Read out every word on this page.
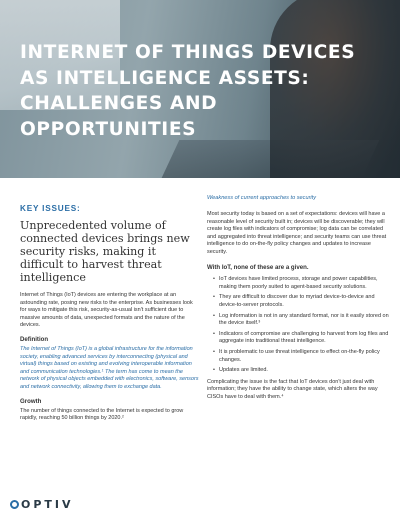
INTERNET OF THINGS DEVICES AS INTELLIGENCE ASSETS: CHALLENGES AND OPPORTUNITIES
KEY ISSUES:
Unprecedented volume of connected devices brings new security risks, making it difficult to harvest threat intelligence

Internet of Things (IoT) devices are entering the workplace at an astounding rate, posing new risks to the enterprise. As businesses look for ways to mitigate this risk, security-as-usual isn't sufficient due to massive amounts of data, unexpected formats and the nature of the devices.

Definition

The Internet of Things (IoT) is a global infrastructure for the information society, enabling advanced services by interconnecting (physical and virtual) things based on existing and evolving interoperable information and communication technologies.¹ The term has come to mean the network of physical objects embedded with electronics, software, sensors and network connectivity, allowing them to exchange data.

Growth

The number of things connected to the Internet is expected to grow rapidly, reaching 50 billion things by 2020.²

Weakness of current approaches to security

Most security today is based on a set of expectations: devices will have a reasonable level of security built in; devices will be discoverable; they will create log files with indicators of compromise; log data can be correlated and aggregated into threat intelligence; and security teams can use threat intelligence to do on-the-fly policy changes and updates to increase security.

With IoT, none of these are a given.
• IoT devices have limited process, storage and power capabilities, making them poorly suited to agent-based security solutions.
• They are difficult to discover due to myriad device-to-device and device-to-server protocols.
• Log information is not in any standard format, nor is it easily stored on the device itself.³
• Indicators of compromise are challenging to harvest from log files and aggregate into traditional threat intelligence.
• It is problematic to use threat intelligence to effect on-the-fly policy changes.
• Updates are limited.

Complicating the issue is the fact that IoT devices don't just deal with information; they have the ability to change state, which alters the way CISOs have to deal with them.⁴

OPTIV
